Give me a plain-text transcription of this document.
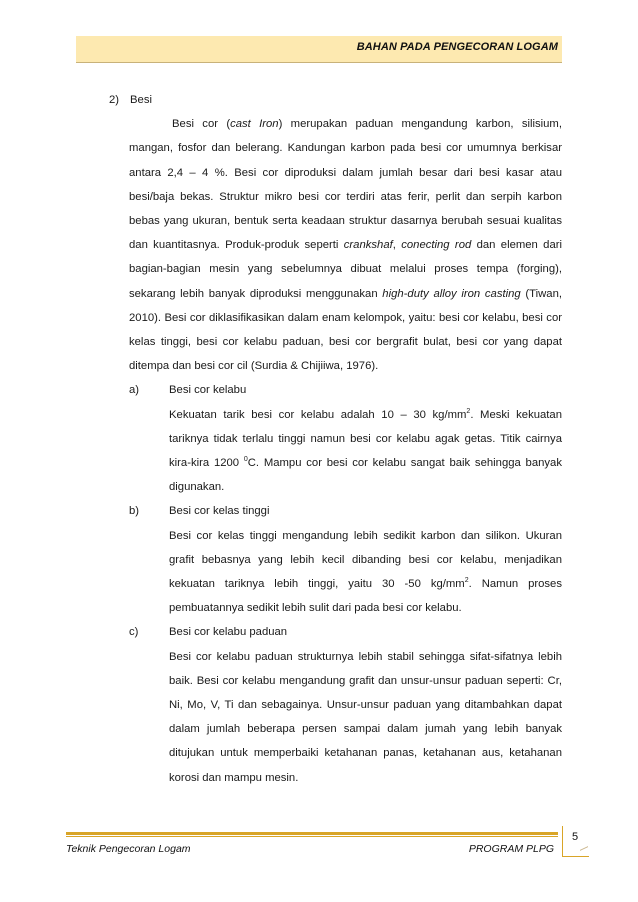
BAHAN PADA PENGECORAN LOGAM
2) Besi

Besi cor (cast Iron) merupakan paduan mengandung karbon, silisium, mangan, fosfor dan belerang. Kandungan karbon pada besi cor umumnya berkisar antara 2,4 – 4 %. Besi cor diproduksi dalam jumlah besar dari besi kasar atau besi/baja bekas. Struktur mikro besi cor terdiri atas ferir, perlit dan serpih karbon bebas yang ukuran, bentuk serta keadaan struktur dasarnya berubah sesuai kualitas dan kuantitasnya. Produk-produk seperti crankshaf, conecting rod dan elemen dari bagian-bagian mesin yang sebelumnya dibuat melalui proses tempa (forging), sekarang lebih banyak diproduksi menggunakan high-duty alloy iron casting (Tiwan, 2010). Besi cor diklasifikasikan dalam enam kelompok, yaitu: besi cor kelabu, besi cor kelas tinggi, besi cor kelabu paduan, besi cor bergrafit bulat, besi cor yang dapat ditempa dan besi cor cil (Surdia & Chijiiwa, 1976).

a)	Besi cor kelabu

Kekuatan tarik besi cor kelabu adalah 10 – 30 $kg/mm^2$. Meski kekuatan tariknya tidak terlalu tinggi namun besi cor kelabu agak getas. Titik cairnya kira-kira 1200 $^0$C. Mampu cor besi cor kelabu sangat baik sehingga banyak digunakan.

b)	Besi cor kelas tinggi

Besi cor kelas tinggi mengandung lebih sedikit karbon dan silikon. Ukuran grafit bebasnya yang lebih kecil dibanding besi cor kelabu, menjadikan kekuatan tariknya lebih tinggi, yaitu 30 -50 $kg/mm^2$. Namun proses pembuatannya sedikit lebih sulit dari pada besi cor kelabu.

c)	Besi cor kelabu paduan

Besi cor kelabu paduan strukturnya lebih stabil sehingga sifat-sifatnya lebih baik. Besi cor kelabu mengandung grafit dan unsur-unsur paduan seperti: Cr, Ni, Mo, V, Ti dan sebagainya. Unsur-unsur paduan yang ditambahkan dapat dalam jumlah beberapa persen sampai dalam jumah yang lebih banyak ditujukan untuk memperbaiki ketahanan panas, ketahanan aus, ketahanan korosi dan mampu mesin.

5
Teknik Pengecoran Logam	PROGRAM PLPG
